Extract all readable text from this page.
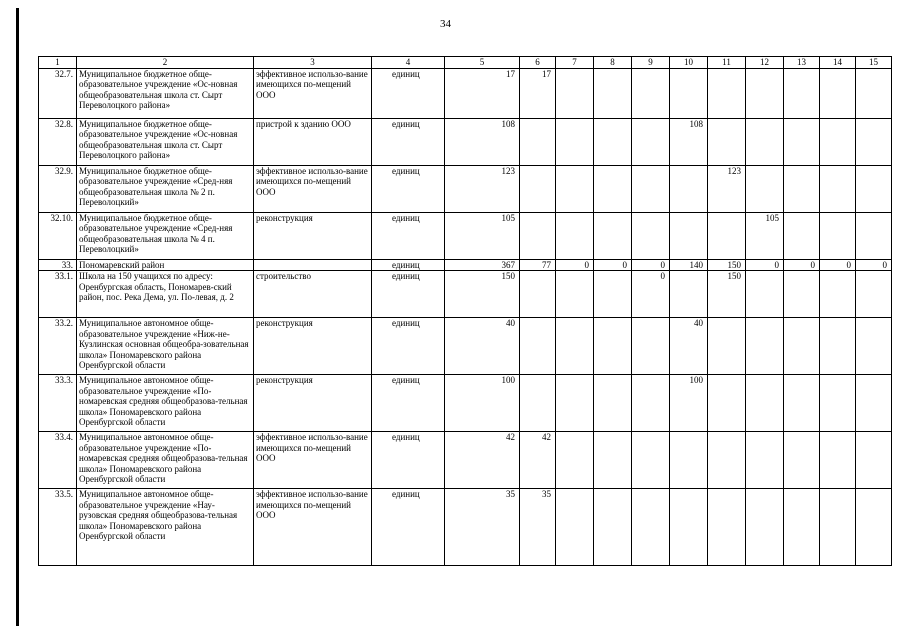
34
1	2	3	4	5	6	7	8	9	10	11	12	13	14	15
32.7.	Муниципальное бюджетное обще-образовательное учреждение «Ос-новная общеобразовательная школа ст. Сырт Переволоцкого района»	эффективное использо-вание имеющихся по-мещений ООО	единиц	17	17									
32.8.	Муниципальное бюджетное обще-образовательное учреждение «Ос-новная общеобразовательная школа ст. Сырт Переволоцкого района»	пристрой к зданию ООО	единиц	108					108					
32.9.	Муниципальное бюджетное обще-образовательное учреждение «Сред-няя общеобразовательная школа № 2 п. Переволоцкий»	эффективное использо-вание имеющихся по-мещений ООО	единиц	123						123				
32.10.	Муниципальное бюджетное обще-образовательное учреждение «Сред-няя общеобразовательная школа № 4 п. Переволоцкий»	реконструкция	единиц	105							105			
33.	Пономаревский район		единиц	367	77	0	0	0	140	150	0	0	0	0
33.1.	Школа на 150 учащихся по адресу: Оренбургская область, Пономарев-ский район, пос. Река Дема, ул. По-левая, д. 2	строительство	единиц	150				0		150				
33.2.	Муниципальное автономное обще-образовательное учреждение «Ниж-не-Кузлинская основная общеобра-зовательная школа» Пономаревского района Оренбургской области	реконструкция	единиц	40					40					
33.3.	Муниципальное автономное обще-образовательное учреждение «По-номаревская средняя общеобразова-тельная школа» Пономаревского района Оренбургской области	реконструкция	единиц	100					100					
33.4.	Муниципальное автономное обще-образовательное учреждение «По-номаревская средняя общеобразова-тельная школа» Пономаревского района Оренбургской области	эффективное использо-вание имеющихся по-мещений ООО	единиц	42	42									
33.5.	Муниципальное автономное обще-образовательное учреждение «Нау-рузовская средняя общеобразова-тельная школа» Пономаревского района Оренбургской области	эффективное использо-вание имеющихся по-мещений ООО	единиц	35	35									
